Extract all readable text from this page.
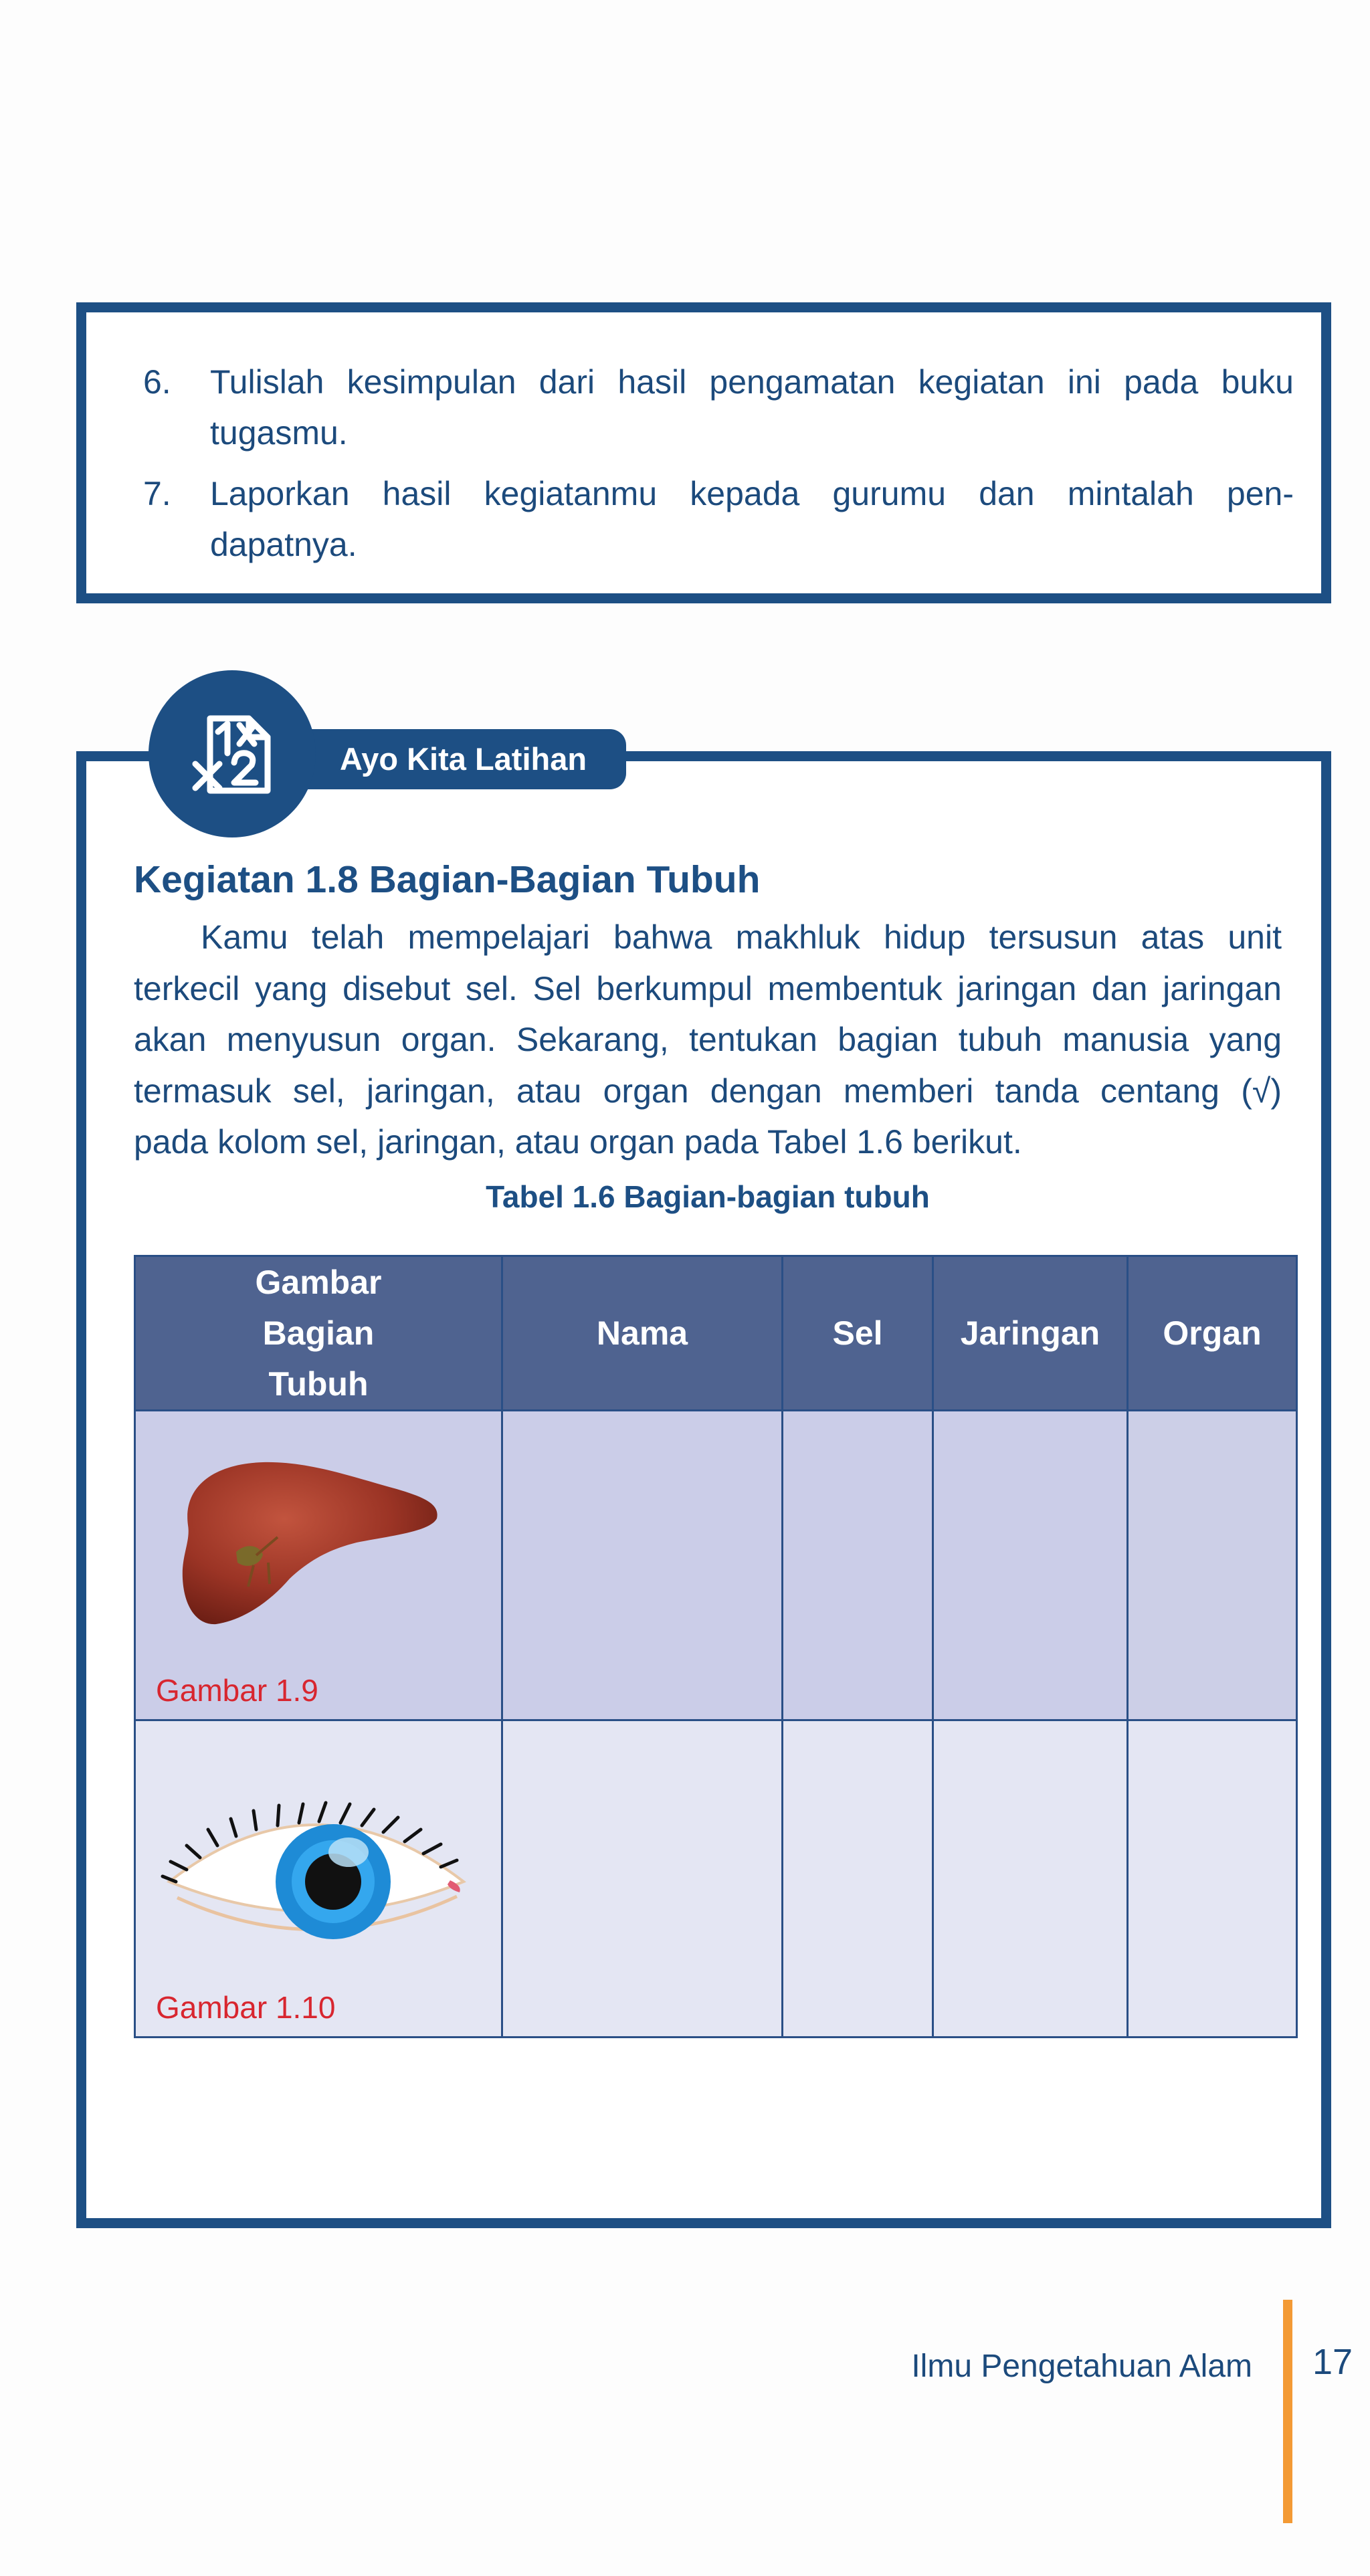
6. Tulislah kesimpulan dari hasil pengamatan kegiatan ini pada buku
tugasmu.
7. Laporkan hasil kegiatanmu kepada gurumu dan mintalah pen-
dapatnya.
Ayo Kita Latihan
Kegiatan 1.8 Bagian-Bagian Tubuh
Kamu telah mempelajari bahwa makhluk hidup tersusun atas unit
terkecil yang disebut sel. Sel berkumpul membentuk jaringan dan jaringan
akan menyusun organ. Sekarang, tentukan bagian tubuh manusia yang
termasuk sel, jaringan, atau organ dengan memberi tanda centang (√)
pada kolom sel, jaringan, atau organ pada Tabel 1.6 berikut.
Tabel 1.6 Bagian-bagian tubuh
Gambar Bagian Tubuh	Nama	Sel	Jaringan	Organ

Gambar 1.9				

Gambar 1.10				

Ilmu Pengetahuan Alam 17
